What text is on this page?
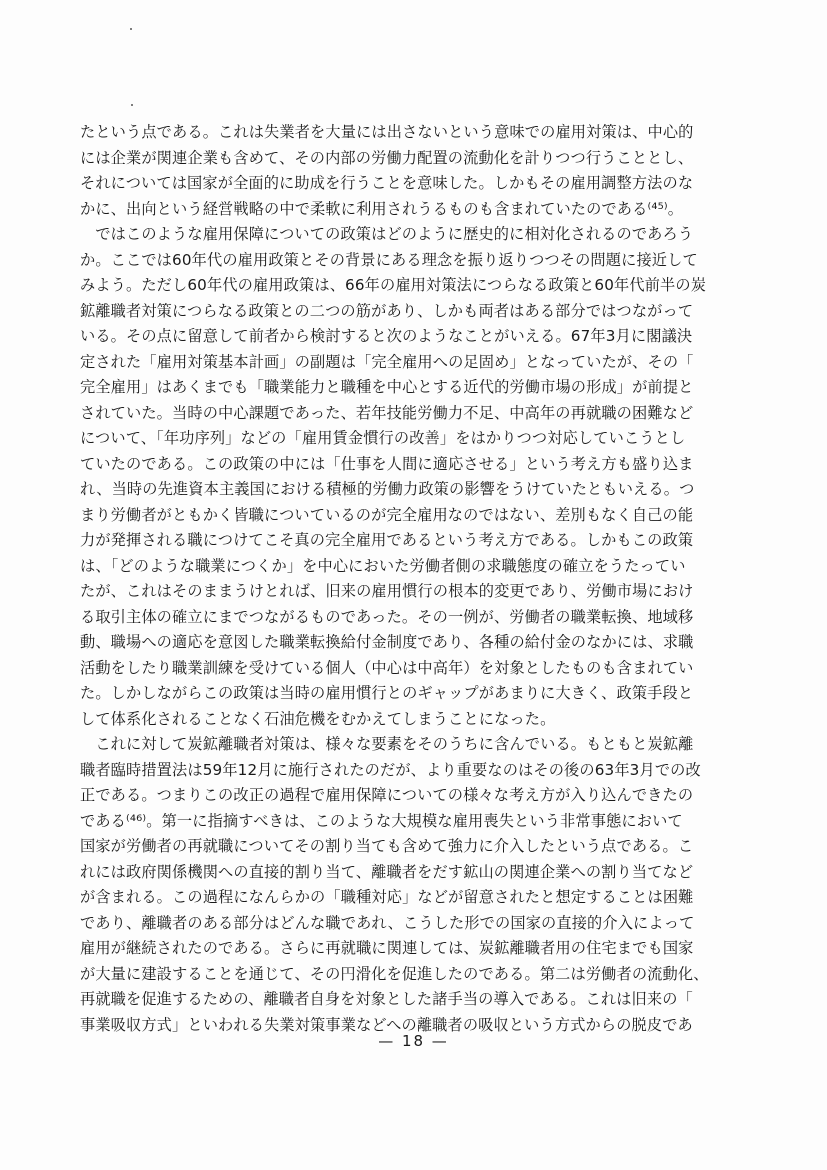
たという点である。これは失業者を大量には出さないという意味での雇用対策は、中心的
には企業が関連企業も含めて、その内部の労働力配置の流動化を計りつつ行うこととし、
それについては国家が全面的に助成を行うことを意味した。しかもその雇用調整方法のな
かに、出向という経営戦略の中で柔軟に利用されうるものも含まれていたのである⁽⁴⁵⁾。
　ではこのような雇用保障についての政策はどのように歴史的に相対化されるのであろう
か。ここでは60年代の雇用政策とその背景にある理念を振り返りつつその問題に接近して
みよう。ただし60年代の雇用政策は、66年の雇用対策法につらなる政策と60年代前半の炭
鉱離職者対策につらなる政策との二つの筋があり、しかも両者はある部分ではつながって
いる。その点に留意して前者から検討すると次のようなことがいえる。67年3月に閣議決
定された「雇用対策基本計画」の副題は「完全雇用への足固め」となっていたが、その「
完全雇用」はあくまでも「職業能力と職種を中心とする近代的労働市場の形成」が前提と
されていた。当時の中心課題であった、若年技能労働力不足、中高年の再就職の困難など
について、「年功序列」などの「雇用賃金慣行の改善」をはかりつつ対応していこうとし
ていたのである。この政策の中には「仕事を人間に適応させる」という考え方も盛り込ま
れ、当時の先進資本主義国における積極的労働力政策の影響をうけていたともいえる。つ
まり労働者がともかく皆職についているのが完全雇用なのではない、差別もなく自己の能
力が発揮される職につけてこそ真の完全雇用であるという考え方である。しかもこの政策
は、「どのような職業につくか」を中心においた労働者側の求職態度の確立をうたってい
たが、これはそのままうけとれば、旧来の雇用慣行の根本的変更であり、労働市場におけ
る取引主体の確立にまでつながるものであった。その一例が、労働者の職業転換、地域移
動、職場への適応を意図した職業転換給付金制度であり、各種の給付金のなかには、求職
活動をしたり職業訓練を受けている個人（中心は中高年）を対象としたものも含まれてい
た。しかしながらこの政策は当時の雇用慣行とのギャップがあまりに大きく、政策手段と
して体系化されることなく石油危機をむかえてしまうことになった。
　これに対して炭鉱離職者対策は、様々な要素をそのうちに含んでいる。もともと炭鉱離
職者臨時措置法は59年12月に施行されたのだが、より重要なのはその後の63年3月での改
正である。つまりこの改正の過程で雇用保障についての様々な考え方が入り込んできたの
である⁽⁴⁶⁾。第一に指摘すべきは、このような大規模な雇用喪失という非常事態において
国家が労働者の再就職についてその割り当ても含めて強力に介入したという点である。こ
れには政府関係機関への直接的割り当て、離職者をだす鉱山の関連企業への割り当てなど
が含まれる。この過程になんらかの「職種対応」などが留意されたと想定することは困難
であり、離職者のある部分はどんな職であれ、こうした形での国家の直接的介入によって
雇用が継続されたのである。さらに再就職に関連しては、炭鉱離職者用の住宅までも国家
が大量に建設することを通じて、その円滑化を促進したのである。第二は労働者の流動化、
再就職を促進するための、離職者自身を対象とした諸手当の導入である。これは旧来の「
事業吸収方式」といわれる失業対策事業などへの離職者の吸収という方式からの脱皮であ
— 18 —
